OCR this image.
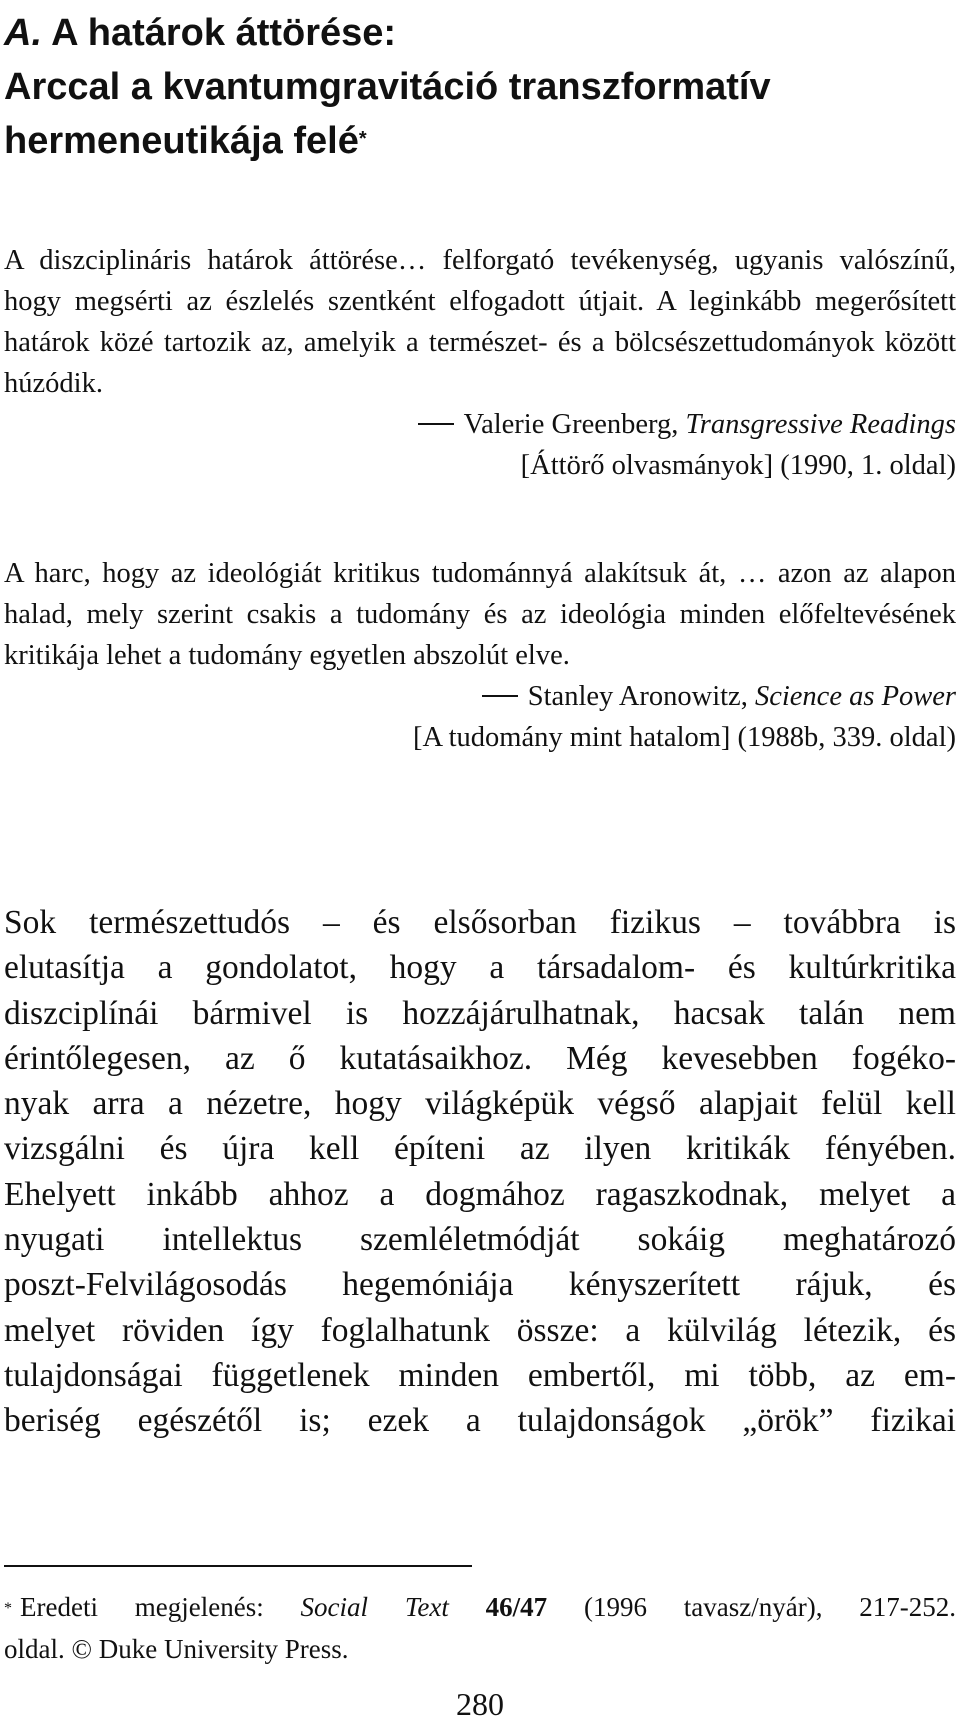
A. A határok áttörése:
Arccal a kvantumgravitáció transzformatív
hermeneutikája felé*

A diszciplináris határok áttörése… felforgató tevékenység, ugyanis valószínű, hogy megsérti az észlelés szentként elfogadott útjait. A leginkább megerősített határok közé tartozik az, amelyik a természet- és a bölcsészettudományok között húzódik.

Valerie Greenberg, Transgressive Readings

[Áttörő olvasmányok] (1990, 1. oldal)

A harc, hogy az ideológiát kritikus tudománnyá alakítsuk át, … azon az alapon halad, mely szerint csakis a tudomány és az ideológia minden előfeltevésének kritikája lehet a tudomány egyetlen abszolút elve.

Stanley Aronowitz, Science as Power

[A tudomány mint hatalom] (1988b, 339. oldal)

Sok természettudós – és elsősorban fizikus – továbbra is
elutasítja a gondolatot, hogy a társadalom- és kultúrkritika
diszciplínái bármivel is hozzájárulhatnak, hacsak talán nem
érintőlegesen, az ő kutatásaikhoz. Még kevesebben fogéko-
nyak arra a nézetre, hogy világképük végső alapjait felül kell
vizsgálni és újra kell építeni az ilyen kritikák fényében.
Ehelyett inkább ahhoz a dogmához ragaszkodnak, melyet a
nyugati intellektus szemléletmódját sokáig meghatározó
poszt-Felvilágosodás hegemóniája kényszerített rájuk, és
melyet röviden így foglalhatunk össze: a külvilág létezik, és
tulajdonságai függetlenek minden embertől, mi több, az em-
beriség egészétől is; ezek a tulajdonságok „örök” fizikai
* Eredeti megjelenés: Social Text 46/47 (1996 tavasz/nyár), 217-252.
oldal. © Duke University Press.
280
